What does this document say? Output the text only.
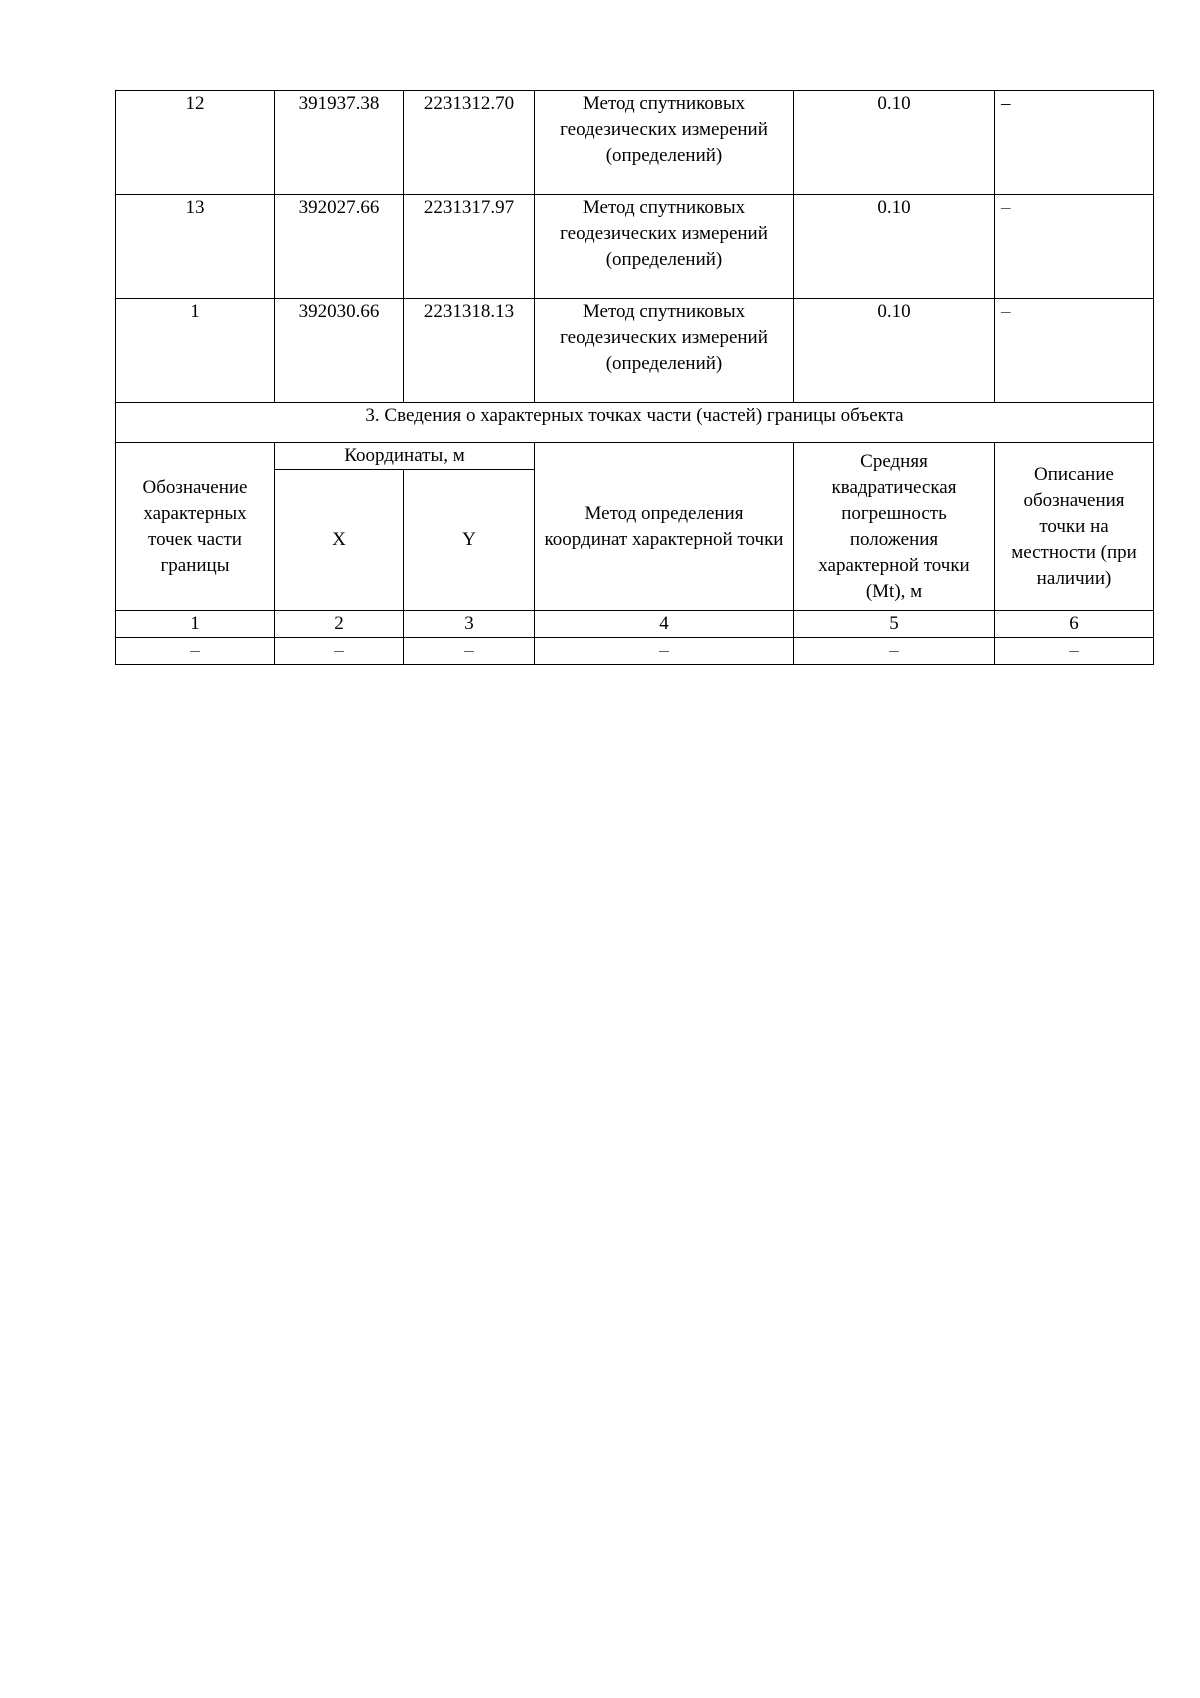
12	391937.38	2231312.70	Метод спутниковых геодезических измерений (определений)	0.10	–
13	392027.66	2231317.97	Метод спутниковых геодезических измерений (определений)	0.10	–
1	392030.66	2231318.13	Метод спутниковых геодезических измерений (определений)	0.10	–
3. Сведения о характерных точках части (частей) границы объекта					
Обозначение характерных точек части границы	Координаты, м		Метод определения координат характерной точки	Средняя квадратическая погрешность положения характерной точки (Mt), м	Описание обозначения точки на местности (при наличии)
	X	Y			
1	2	3	4	5	6
–	–	–	–	–	–
